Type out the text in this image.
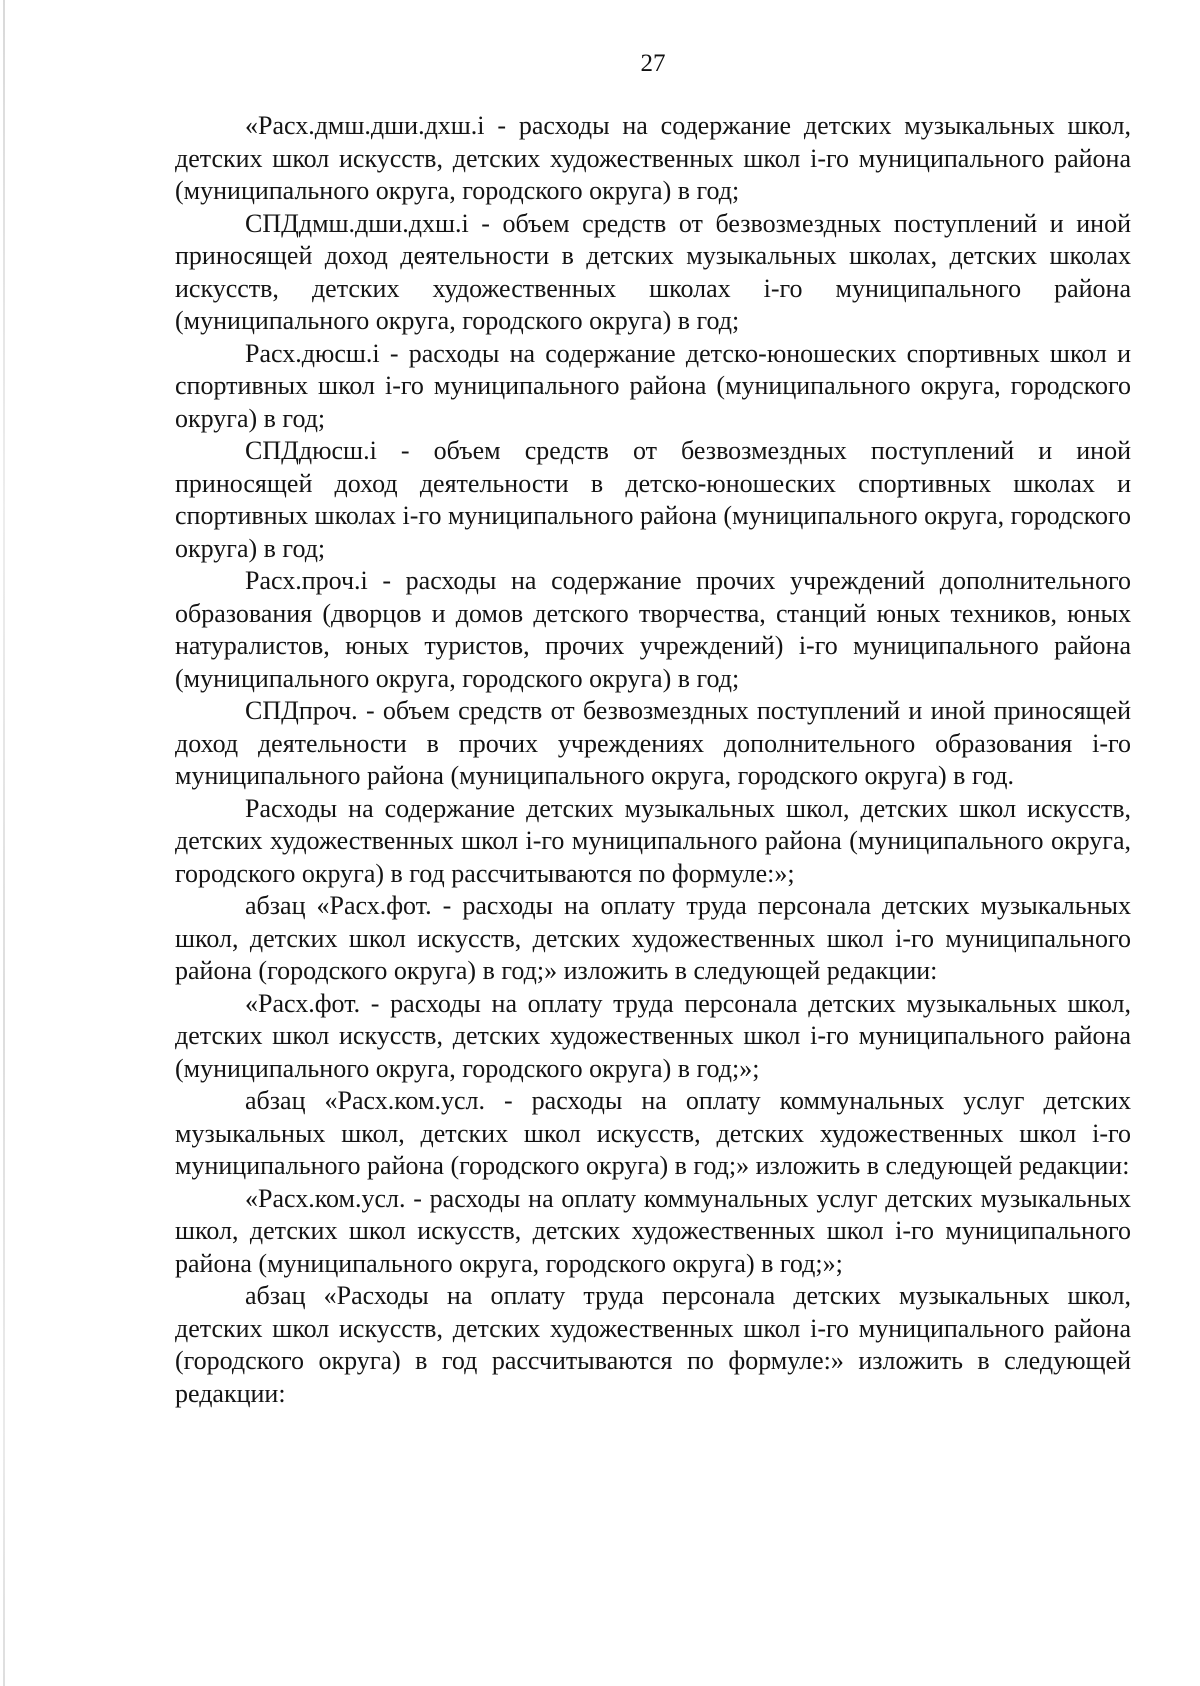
27

«Расх.дмш.дши.дхш.i - расходы на содержание детских музыкальных школ, детских школ искусств, детских художественных школ i-го муниципального района (муниципального округа, городского округа) в год;

СПДдмш.дши.дхш.i - объем средств от безвозмездных поступлений и иной приносящей доход деятельности в детских музыкальных школах, детских школах искусств, детских художественных школах i-го муниципального района (муниципального округа, городского округа) в год;

Расх.дюсш.i - расходы на содержание детско-юношеских спортивных школ и спортивных школ i-го муниципального района (муниципального округа, городского округа) в год;

СПДдюсш.i - объем средств от безвозмездных поступлений и иной приносящей доход деятельности в детско-юношеских спортивных школах и спортивных школах i-го муниципального района (муниципального округа, городского округа) в год;

Расх.проч.i - расходы на содержание прочих учреждений дополнительного образования (дворцов и домов детского творчества, станций юных техников, юных натуралистов, юных туристов, прочих учреждений) i-го муниципального района (муниципального округа, городского округа) в год;

СПДпроч. - объем средств от безвозмездных поступлений и иной приносящей доход деятельности в прочих учреждениях дополнительного образования i-го муниципального района (муниципального округа, городского округа) в год.

Расходы на содержание детских музыкальных школ, детских школ искусств, детских художественных школ i-го муниципального района (муниципального округа, городского округа) в год рассчитываются по формуле:»;

абзац «Расх.фот. - расходы на оплату труда персонала детских музыкальных школ, детских школ искусств, детских художественных школ i-го муниципального района (городского округа) в год;» изложить в следующей редакции:

«Расх.фот. - расходы на оплату труда персонала детских музыкальных школ, детских школ искусств, детских художественных школ i-го муниципального района (муниципального округа, городского округа) в год;»;

абзац «Расх.ком.усл. - расходы на оплату коммунальных услуг детских музыкальных школ, детских школ искусств, детских художественных школ i-го муниципального района (городского округа) в год;» изложить в следующей редакции:

«Расх.ком.усл. - расходы на оплату коммунальных услуг детских музыкальных школ, детских школ искусств, детских художественных школ i-го муниципального района (муниципального округа, городского округа) в год;»;

абзац «Расходы на оплату труда персонала детских музыкальных школ, детских школ искусств, детских художественных школ i-го муниципального района (городского округа) в год рассчитываются по формуле:» изложить в следующей редакции:
